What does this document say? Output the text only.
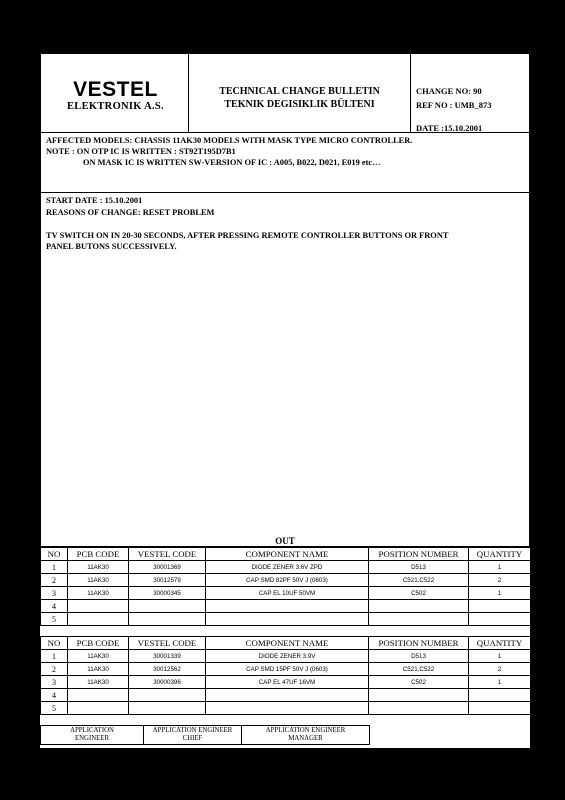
VESTEL
ELEKTRONIK A.S.
TECHNICAL CHANGE BULLETIN
TEKNIK DEGISIKLIK BÜLTENI
CHANGE NO: 90
REF NO : UMB_873
DATE :15.10.2001
AFFECTED MODELS: CHASSIS 11AK30 MODELS WITH MASK TYPE MICRO CONTROLLER.
NOTE : ON OTP IC IS WRITTEN : ST92T195D7B1
ON MASK IC IS WRITTEN SW-VERSION OF IC : A005, B022, D021, E019 etc…
START DATE : 15.10.2001
REASONS OF CHANGE: RESET PROBLEM
TV SWITCH ON IN 20-30 SECONDS, AFTER PRESSING REMOTE CONTROLLER BUTTONS OR FRONT
PANEL BUTONS SUCCESSIVELY.
OUT
NO	PCB CODE	VESTEL CODE	COMPONENT NAME	POSITION NUMBER	QUANTITY
1	11AK30	30001369	DIODE ZENER 3.6V ZPD	D513	1
2	11AK30	30012579	CAP SMD 82PF 50V J (0603)	C521,C522	2
3	11AK30	30000345	CAP EL 10UF 50VM	C502	1
4					
5					
NO	PCB CODE	VESTEL CODE	COMPONENT NAME	POSITION NUMBER	QUANTITY
1	11AK30	30001339	DIODE ZENER 3.9V	D513	1
2	11AK30	30012562	CAP SMD 15PF 50V J (0603)	C521,C522	2
3	11AK30	30000396	CAP EL 47UF 16VM	C502	1
4					
5					
APPLICATION
ENGINEER

APPLICATION ENGINEER
CHIEF

APPLICATION ENGINEER
MANAGER
